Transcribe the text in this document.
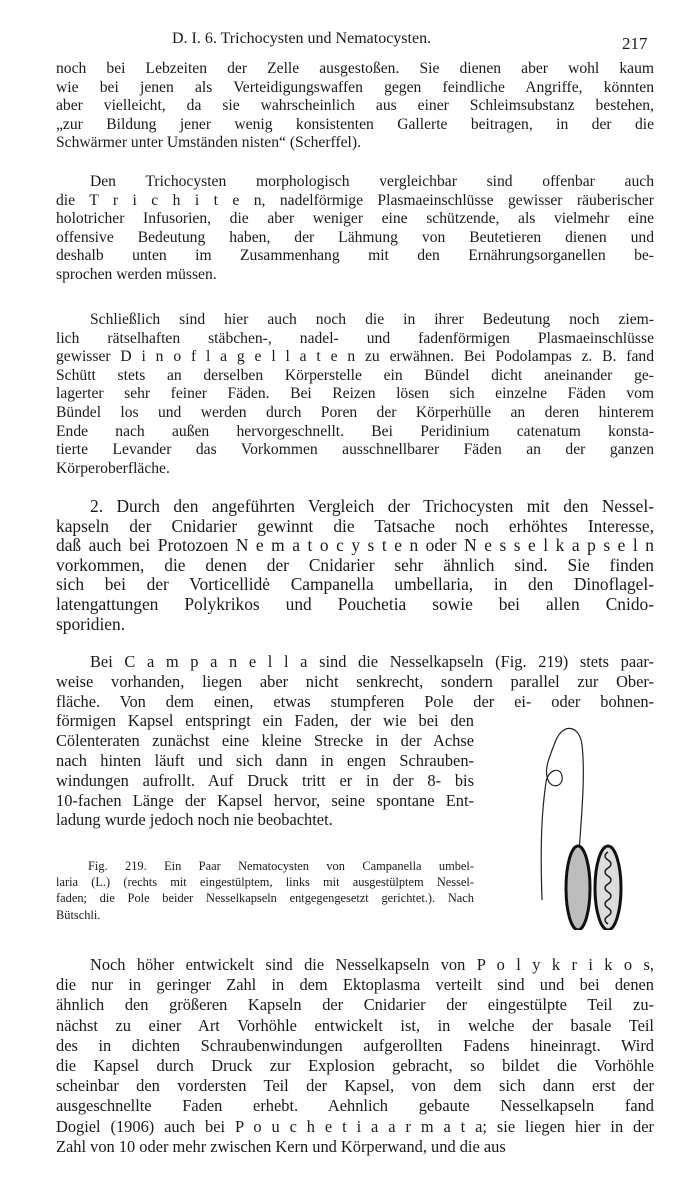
D. I. 6. Trichocysten und Nematocysten.	217
noch bei Lebzeiten der Zelle ausgestoßen. Sie dienen aber wohl kaum
wie bei jenen als Verteidigungswaffen gegen feindliche Angriffe, könnten
aber vielleicht, da sie wahrscheinlich aus einer Schleimsubstanz bestehen,
„zur Bildung jener wenig konsistenten Gallerte beitragen, in der die
Schwärmer unter Umständen nisten“ (Scherffel).
Den Trichocysten morphologisch vergleichbar sind offenbar auch
die T r i c h i t e n, nadelförmige Plasmaeinschlüsse gewisser räuberischer
holotricher Infusorien, die aber weniger eine schützende, als vielmehr eine
offensive Bedeutung haben, der Lähmung von Beutetieren dienen und
deshalb unten im Zusammenhang mit den Ernährungsorganellen be-
sprochen werden müssen.
Schließlich sind hier auch noch die in ihrer Bedeutung noch ziem-
lich rätselhaften stäbchen-, nadel- und fadenförmigen Plasmaeinschlüsse
gewisser D i n o f l a g e l l a t e n zu erwähnen. Bei Podolampas z. B. fand
Schütt stets an derselben Körperstelle ein Bündel dicht aneinander ge-
lagerter sehr feiner Fäden. Bei Reizen lösen sich einzelne Fäden vom
Bündel los und werden durch Poren der Körperhülle an deren hinterem
Ende nach außen hervorgeschnellt. Bei Peridinium catenatum konsta-
tierte Levander das Vorkommen ausschnellbarer Fäden an der ganzen
Körperoberfläche.
2. Durch den angeführten Vergleich der Trichocysten mit den Nessel-
kapseln der Cnidarier gewinnt die Tatsache noch erhöhtes Interesse,
daß auch bei Protozoen N e m a t o c y s t e n oder N e s s e l k a p s e l n
vorkommen, die denen der Cnidarier sehr ähnlich sind. Sie finden
sich bei der Vorticellidė Campanella umbellaria, in den Dinoflagel-
latengattungen Polykrikos und Pouchetia sowie bei allen Cnido-
sporidien.
Bei C a m p a n e l l a sind die Nesselkapseln (Fig. 219) stets paar-
weise vorhanden, liegen aber nicht senkrecht, sondern parallel zur Ober-
fläche. Von dem einen, etwas stumpferen Pole der ei- oder bohnen-
förmigen Kapsel entspringt ein Faden, der wie bei den
Cölenteraten zunächst eine kleine Strecke in der Achse
nach hinten läuft und sich dann in engen Schrauben-
windungen aufrollt. Auf Druck tritt er in der 8- bis
10-fachen Länge der Kapsel hervor, seine spontane Ent-
ladung wurde jedoch noch nie beobachtet.
Fig. 219. Ein Paar Nematocysten von Campanella umbel-
laria (L.) (rechts mit eingestülptem, links mit ausgestülptem Nessel-
faden; die Pole beider Nesselkapseln entgegengesetzt gerichtet.). Nach
Bütschli.
Noch höher entwickelt sind die Nesselkapseln von P o l y k r i k o s,
die nur in geringer Zahl in dem Ektoplasma verteilt sind und bei denen
ähnlich den größeren Kapseln der Cnidarier der eingestülpte Teil zu-
nächst zu einer Art Vorhöhle entwickelt ist, in welche der basale Teil
des in dichten Schraubenwindungen aufgerollten Fadens hineinragt. Wird
die Kapsel durch Druck zur Explosion gebracht, so bildet die Vorhöhle
scheinbar den vordersten Teil der Kapsel, von dem sich dann erst der
ausgeschnellte Faden erhebt. Aehnlich gebaute Nesselkapseln fand
Dogiel (1906) auch bei P o u c h e t i a a r m a t a; sie liegen hier in der
Zahl von 10 oder mehr zwischen Kern und Körperwand, und die aus
